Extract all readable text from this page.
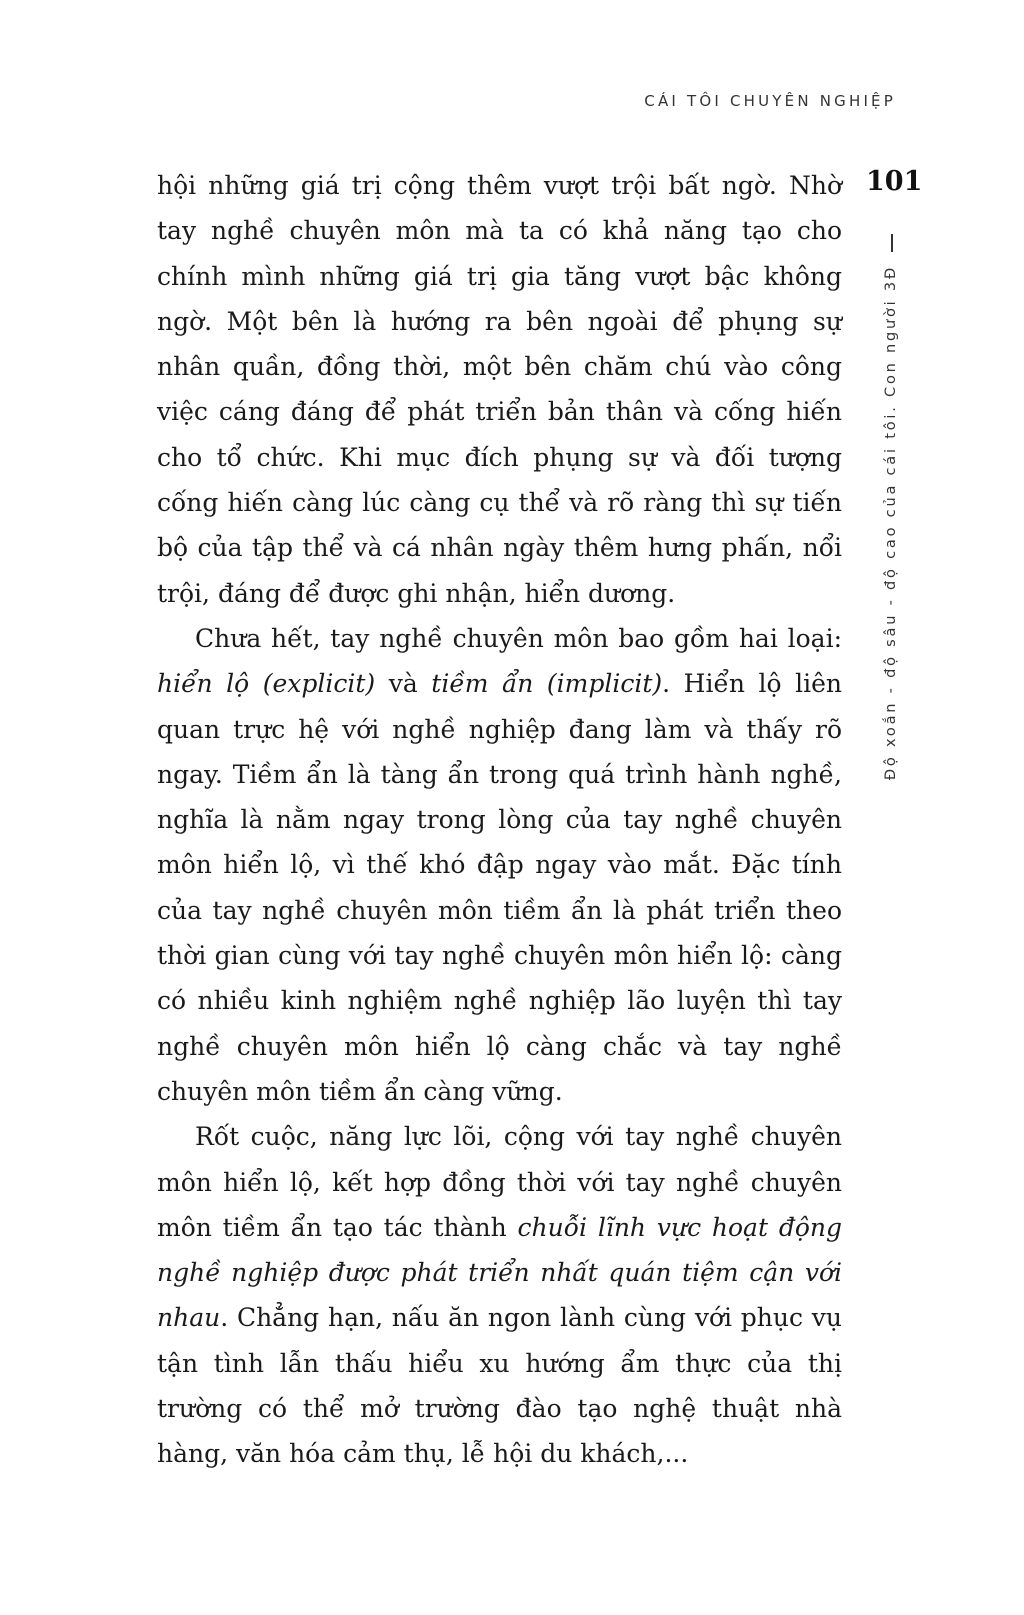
CÁI TÔI CHUYÊN NGHIỆP
101
Độ xoắn - độ sâu - độ cao của cái tôi. Con người 3Đ

hội những giá trị cộng thêm vượt trội bất ngờ. Nhờ tay nghề chuyên môn mà ta có khả năng tạo cho chính mình những giá trị gia tăng vượt bậc không ngờ. Một bên là hướng ra bên ngoài để phụng sự nhân quần, đồng thời, một bên chăm chú vào công việc cáng đáng để phát triển bản thân và cống hiến cho tổ chức. Khi mục đích phụng sự và đối tượng cống hiến càng lúc càng cụ thể và rõ ràng thì sự tiến bộ của tập thể và cá nhân ngày thêm hưng phấn, nổi trội, đáng để được ghi nhận, hiển dương.

Chưa hết, tay nghề chuyên môn bao gồm hai loại: hiển lộ (explicit) và tiềm ẩn (implicit). Hiển lộ liên quan trực hệ với nghề nghiệp đang làm và thấy rõ ngay. Tiềm ẩn là tàng ẩn trong quá trình hành nghề, nghĩa là nằm ngay trong lòng của tay nghề chuyên môn hiển lộ, vì thế khó đập ngay vào mắt. Đặc tính của tay nghề chuyên môn tiềm ẩn là phát triển theo thời gian cùng với tay nghề chuyên môn hiển lộ: càng có nhiều kinh nghiệm nghề nghiệp lão luyện thì tay nghề chuyên môn hiển lộ càng chắc và tay nghề chuyên môn tiềm ẩn càng vững.

Rốt cuộc, năng lực lõi, cộng với tay nghề chuyên môn hiển lộ, kết hợp đồng thời với tay nghề chuyên môn tiềm ẩn tạo tác thành chuỗi lĩnh vực hoạt động nghề nghiệp được phát triển nhất quán tiệm cận với nhau. Chẳng hạn, nấu ăn ngon lành cùng với phục vụ tận tình lẫn thấu hiểu xu hướng ẩm thực của thị trường có thể mở trường đào tạo nghệ thuật nhà hàng, văn hóa cảm thụ, lễ hội du khách,...
